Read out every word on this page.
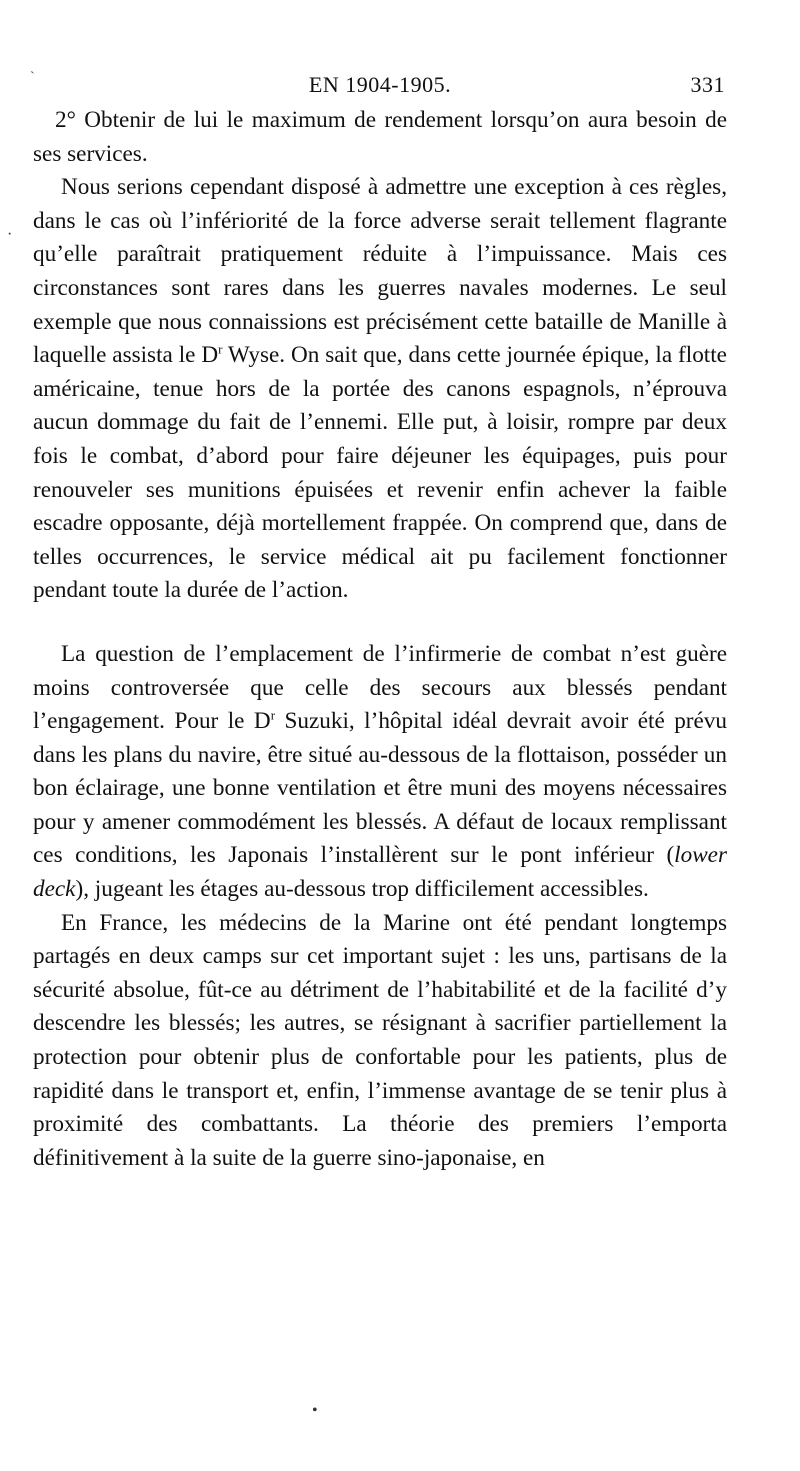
EN 1904-1905.	331

2° Obtenir de lui le maximum de rendement lorsqu’on aura besoin de ses services.

Nous serions cependant disposé à admettre une exception à ces règles, dans le cas où l’infériorité de la force adverse serait tellement flagrante qu’elle paraîtrait pratiquement réduite à l’impuissance. Mais ces circonstances sont rares dans les guerres navales modernes. Le seul exemple que nous connaissions est précisément cette bataille de Manille à laquelle assista le $D^r$ Wyse. On sait que, dans cette journée épique, la flotte américaine, tenue hors de la portée des canons espagnols, n’éprouva aucun dommage du fait de l’ennemi. Elle put, à loisir, rompre par deux fois le combat, d’abord pour faire déjeuner les équipages, puis pour renouveler ses munitions épuisées et revenir enfin achever la faible escadre opposante, déjà mortellement frappée. On comprend que, dans de telles occurrences, le service médical ait pu facilement fonctionner pendant toute la durée de l’action.

La question de l’emplacement de l’infirmerie de combat n’est guère moins controversée que celle des secours aux blessés pendant l’engagement. Pour le $D^r$ Suzuki, l’hôpital idéal devrait avoir été prévu dans les plans du navire, être situé au-dessous de la flottaison, posséder un bon éclairage, une bonne ventilation et être muni des moyens nécessaires pour y amener commodément les blessés. A défaut de locaux remplissant ces conditions, les Japonais l’installèrent sur le pont inférieur (lower deck), jugeant les étages au-dessous trop difficilement accessibles.

En France, les médecins de la Marine ont été pendant longtemps partagés en deux camps sur cet important sujet : les uns, partisans de la sécurité absolue, fût-ce au détriment de l’habitabilité et de la facilité d’y descendre les blessés; les autres, se résignant à sacrifier partiellement la protection pour obtenir plus de confortable pour les patients, plus de rapidité dans le transport et, enfin, l’immense avantage de se tenir plus à proximité des combattants. La théorie des premiers l’emporta définitivement à la suite de la guerre sino-japonaise, en

ˋ
·
•
